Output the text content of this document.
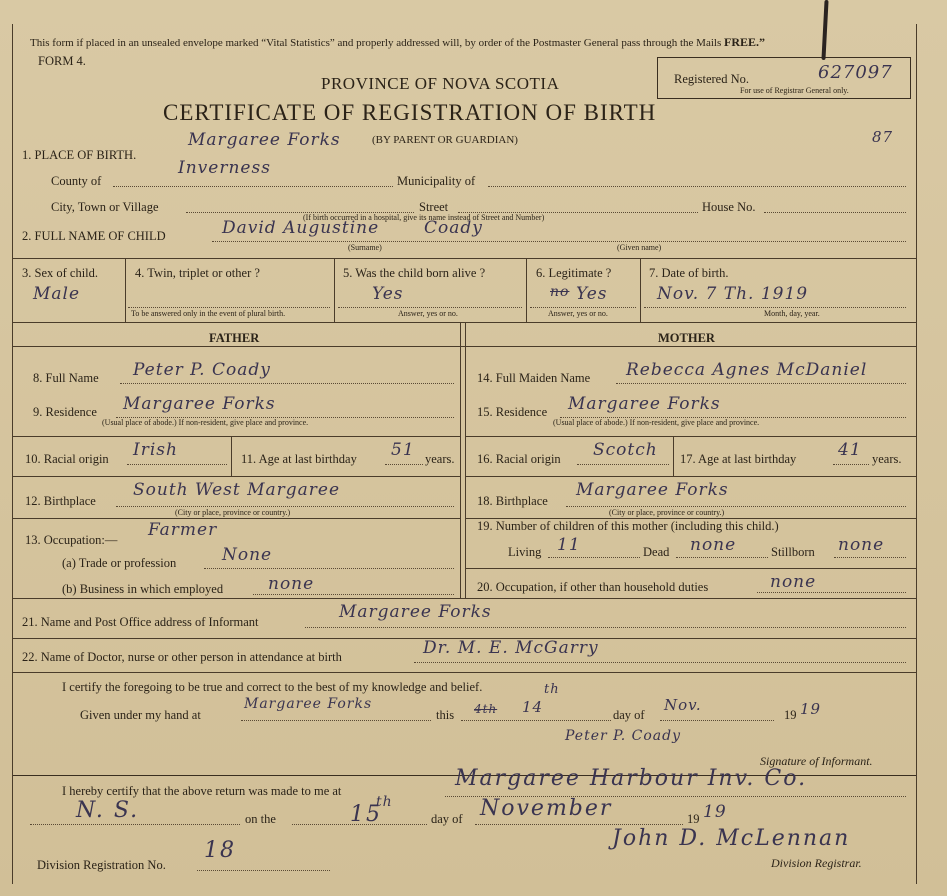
This form if placed in an unsealed envelope marked “Vital Statistics” and properly addressed will, by order of the Postmaster General pass through the Mails FREE.”
FORM 4.
PROVINCE OF NOVA SCOTIA
CERTIFICATE OF REGISTRATION OF BIRTH
(BY PARENT OR GUARDIAN)
Registered No.	627097
For use of Registrar General only.
87
1. PLACE OF BIRTH.
Margaree Forks
County of
Inverness
Municipality of
City, Town or Village	Street	House No.
(If birth occurred in a hospital, give its name instead of Street and Number)
2. FULL NAME OF CHILD	David Augustine	Coady
(Surname)	(Given name)
3. Sex of child.
Male
4. Twin, triplet or other ?
To be answered only in the event of plural birth.
5. Was the child born alive ?
Yes
Answer, yes or no.
6. Legitimate ?
no Yes
Answer, yes or no.
7. Date of birth.
Nov. 7 Th. 1919
Month, day, year.
FATHER	MOTHER
8. Full Name Peter P. Coady
9. Residence Margaree Forks
(Usual place of abode.) If non-resident, give place and province.
10. Racial origin Irish	11. Age at last birthday 51 years.
12. Birthplace
South West Margaree
(City or place, province or country.)
13. Occupation:— Farmer
(a) Trade or profession	None
(b) Business in which employed	none
14. Full Maiden Name Rebecca Agnes McDaniel
15. Residence Margaree Forks
(Usual place of abode.) If non-resident, give place and province.
16. Racial origin Scotch 17. Age at last birthday 41 years.
18. Birthplace
Margaree Forks
(City or place, province or country.)
19. Number of children of this mother (including this child.)
Living 11	Dead none	Stillborn none
20. Occupation, if other than household duties	none
21. Name and Post Office address of Informant	Margaree Forks
22. Name of Doctor, nurse or other person in attendance at birth	Dr. M. E. McGarry
I certify the foregoing to be true and correct to the best of my knowledge and belief.
Given under my hand at
Margaree Forks
this 4th 14
th
day of
Nov.
19 19
Peter P. Coady
Signature of Informant.
I hereby certify that the above return was made to me at	Margaree Harbour Inv. Co.
N. S.	on the	15
th
day of November	19 19
John D. McLennan
Division Registrar.
Division Registration No.
18
